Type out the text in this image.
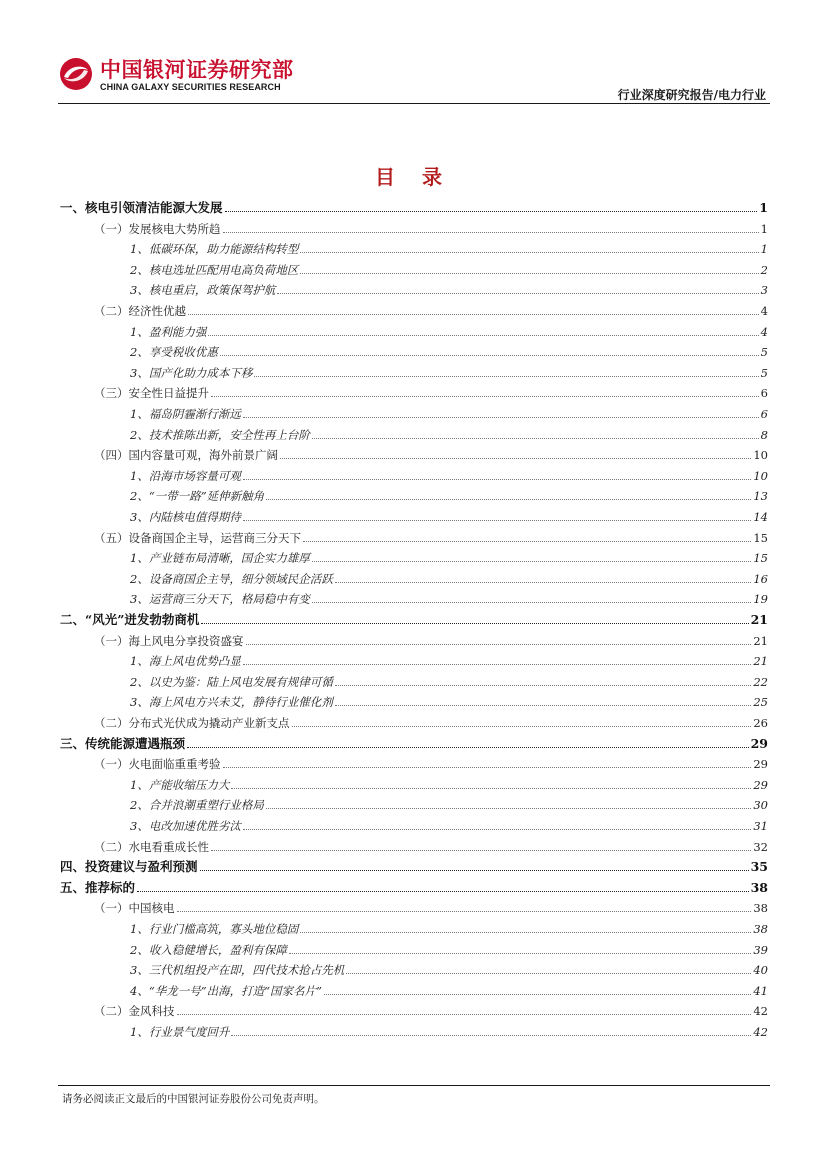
中国银河证券研究部
CHINA GALAXY SECURITIES RESEARCH
行业深度研究报告/电力行业
目 录
一、核电引领清洁能源大发展	1
（一）发展核电大势所趋	1
1、低碳环保，助力能源结构转型	1
2、核电选址匹配用电高负荷地区	2
3、核电重启，政策保驾护航	3
（二）经济性优越	4
1、盈利能力强	4
2、享受税收优惠	5
3、国产化助力成本下移	5
（三）安全性日益提升	6
1、福岛阴霾渐行渐远	6
2、技术推陈出新，安全性再上台阶	8
（四）国内容量可观，海外前景广阔	10
1、沿海市场容量可观	10
2、“一带一路”延伸新触角	13
3、内陆核电值得期待	14
（五）设备商国企主导，运营商三分天下	15
1、产业链布局清晰，国企实力雄厚	15
2、设备商国企主导，细分领域民企活跃	16
3、运营商三分天下，格局稳中有变	19
二、“风光”迸发勃勃商机	21
（一）海上风电分享投资盛宴	21
1、海上风电优势凸显	21
2、以史为鉴：陆上风电发展有规律可循	22
3、海上风电方兴未艾，静待行业催化剂	25
（二）分布式光伏成为撬动产业新支点	26
三、传统能源遭遇瓶颈	29
（一）火电面临重重考验	29
1、产能收缩压力大	29
2、合并浪潮重塑行业格局	30
3、电改加速优胜劣汰	31
（二）水电看重成长性	32
四、投资建议与盈利预测	35
五、推荐标的	38
（一）中国核电	38
1、行业门槛高筑，寡头地位稳固	38
2、收入稳健增长，盈利有保障	39
3、三代机组投产在即，四代技术抢占先机	40
4、“华龙一号”出海，打造“国家名片”	41
（二）金风科技	42
1、行业景气度回升	42
请务必阅读正文最后的中国银河证券股份公司免责声明。
